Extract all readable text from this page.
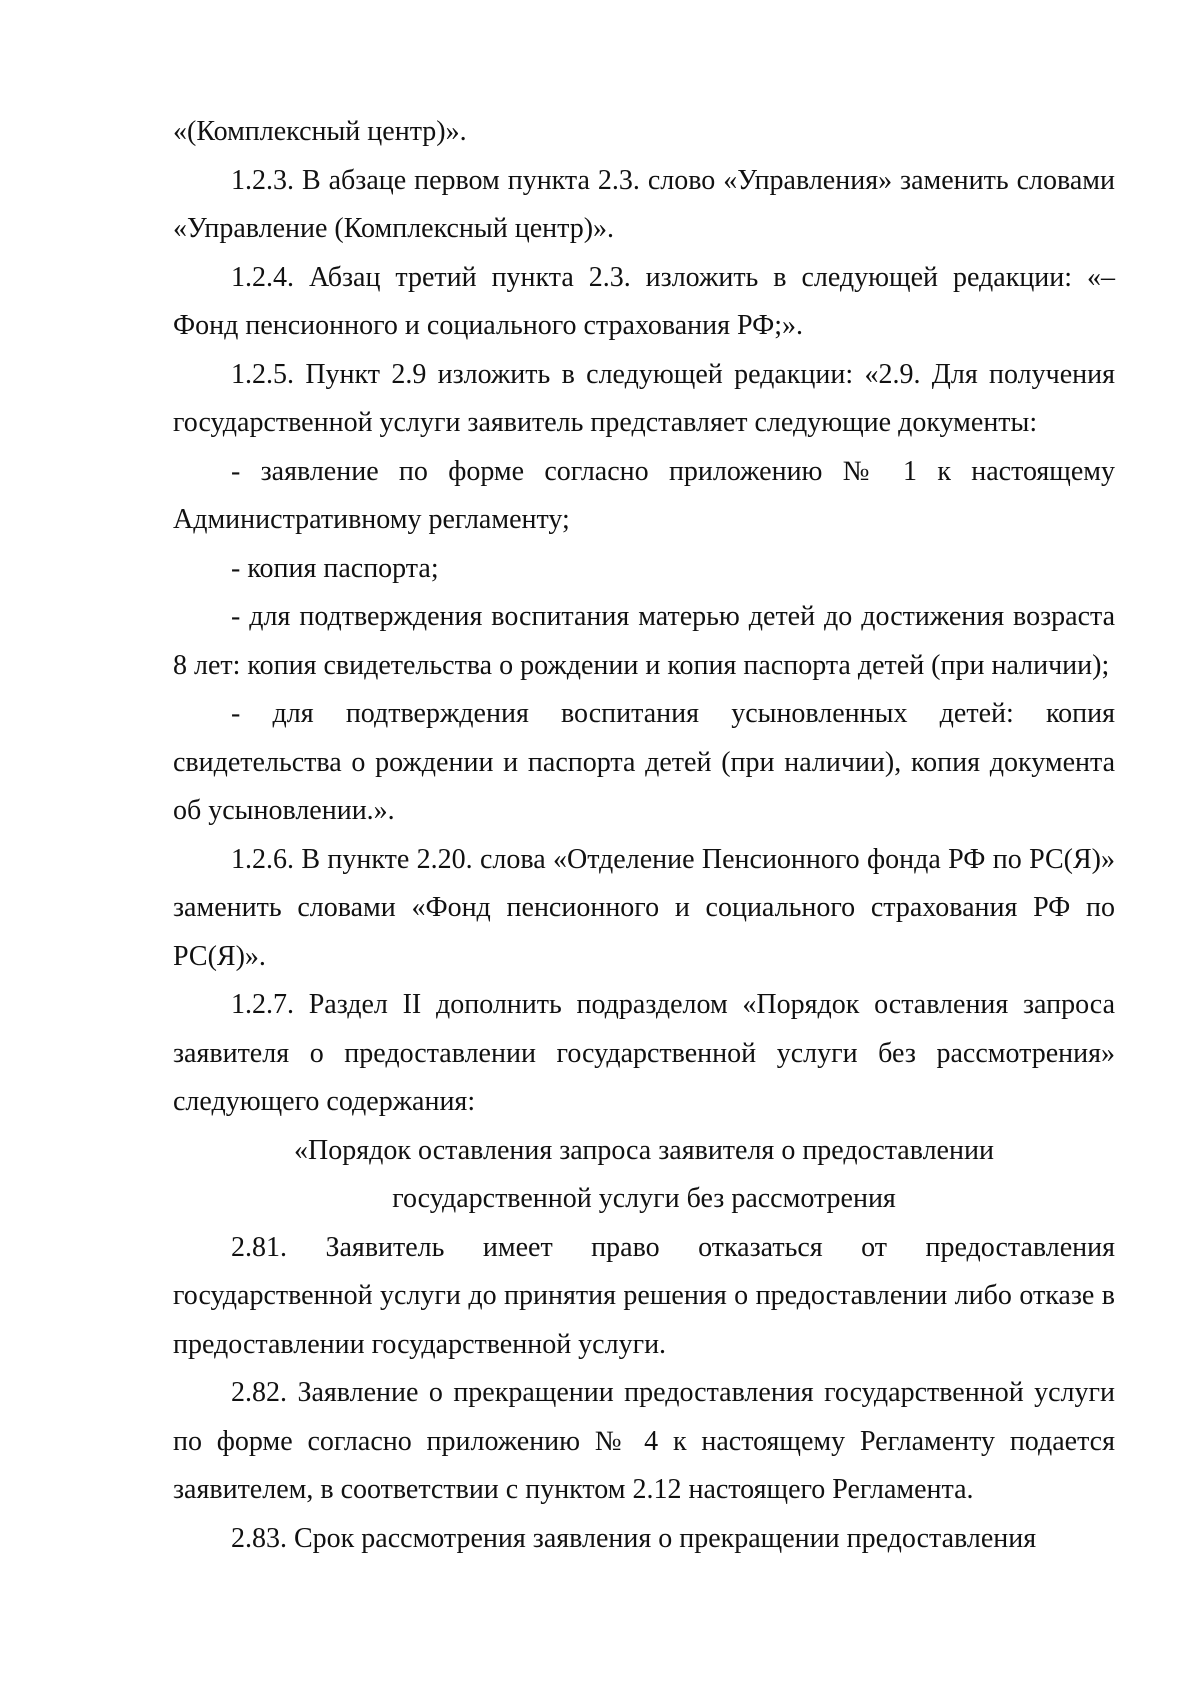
«(Комплексный центр)».

1.2.3. В абзаце первом пункта 2.3. слово «Управления» заменить словами «Управление (Комплексный центр)».

1.2.4. Абзац третий пункта 2.3. изложить в следующей редакции: «– Фонд пенсионного и социального страхования РФ;».

1.2.5. Пункт 2.9 изложить в следующей редакции: «2.9. Для получения государственной услуги заявитель представляет следующие документы:

- заявление по форме согласно приложению № 1 к настоящему Административному регламенту;

- копия паспорта;

- для подтверждения воспитания матерью детей до достижения возраста 8 лет: копия свидетельства о рождении и копия паспорта детей (при наличии);

- для подтверждения воспитания усыновленных детей: копия свидетельства о рождении и паспорта детей (при наличии), копия документа об усыновлении.».

1.2.6. В пункте 2.20. слова «Отделение Пенсионного фонда РФ по РС(Я)» заменить словами «Фонд пенсионного и социального страхования РФ по РС(Я)».

1.2.7. Раздел II дополнить подразделом «Порядок оставления запроса заявителя о предоставлении государственной услуги без рассмотрения» следующего содержания:

«Порядок оставления запроса заявителя о предоставлении

государственной услуги без рассмотрения

2.81. Заявитель имеет право отказаться от предоставления государственной услуги до принятия решения о предоставлении либо отказе в предоставлении государственной услуги.

2.82. Заявление о прекращении предоставления государственной услуги по форме согласно приложению № 4 к настоящему Регламенту подается заявителем, в соответствии с пунктом 2.12 настоящего Регламента.

2.83. Срок рассмотрения заявления о прекращении предоставления
